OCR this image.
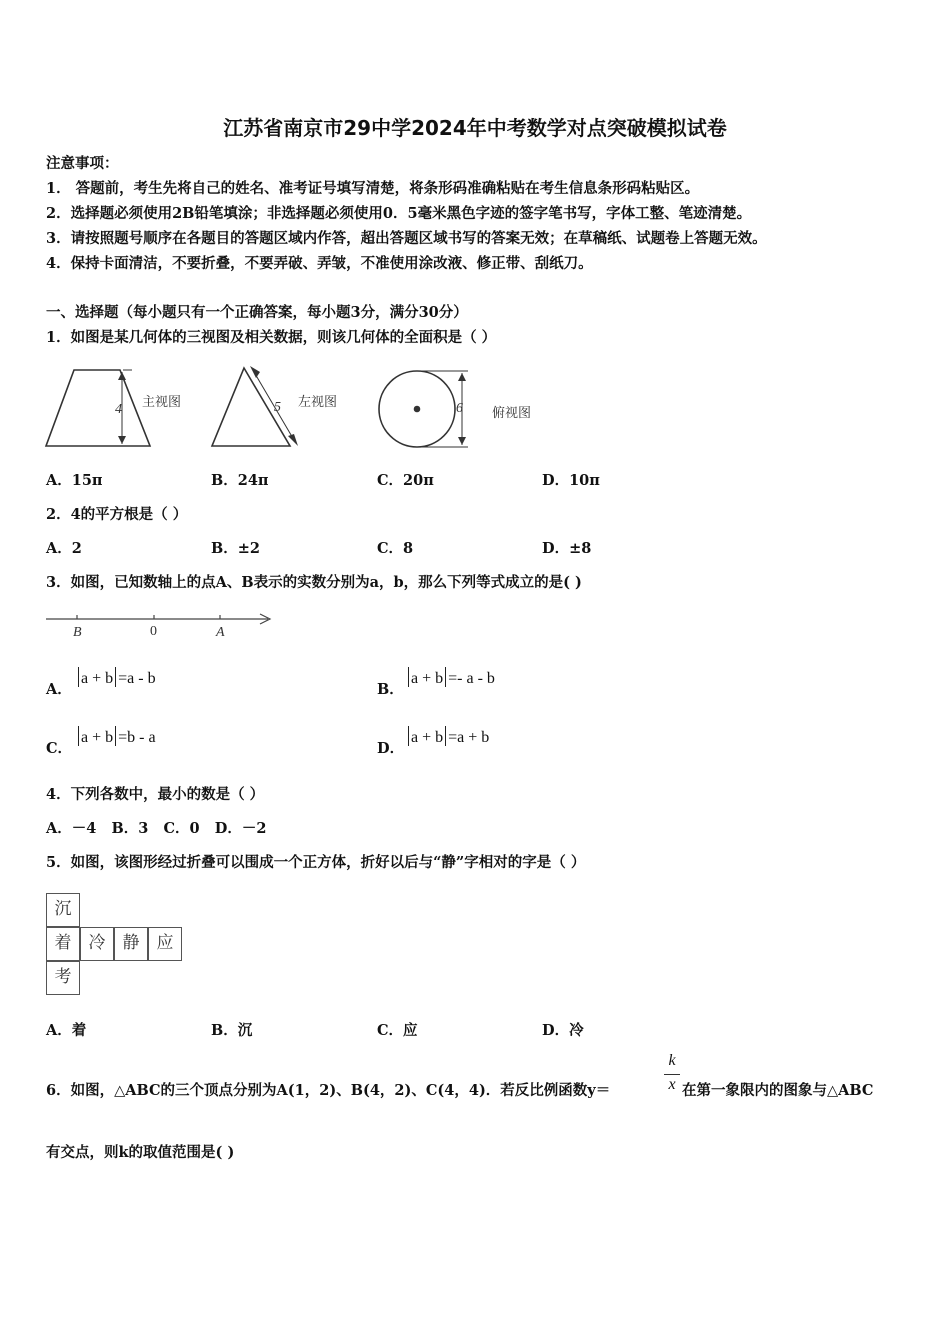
江苏省南京市29中学2024年中考数学对点突破模拟试卷
注意事项：
1． 答题前，考生先将自己的姓名、准考证号填写清楚，将条形码准确粘贴在考生信息条形码粘贴区。
2．选择题必须使用2B铅笔填涂；非选择题必须使用0．5毫米黑色字迹的签字笔书写，字体工整、笔迹清楚。
3．请按照题号顺序在各题目的答题区域内作答，超出答题区域书写的答案无效；在草稿纸、试题卷上答题无效。
4．保持卡面清洁，不要折叠，不要弄破、弄皱，不准使用涂改液、修正带、刮纸刀。
一、选择题（每小题只有一个正确答案，每小题3分，满分30分）
1．如图是某几何体的三视图及相关数据，则该几何体的全面积是（ ）
4
主视图	5 左视图	6 俯视图
A．15π	B．24π	C．20π	D．10π
2．4的平方根是（ ）
A．2	B．±2	C．8	D．±8
3．如图，已知数轴上的点A、B表示的实数分别为a，b，那么下列等式成立的是( )
B	0	A
A．
a + b =a - b
B．
a + b =- a - b
C．
a + b =b - a
D．
a + b =a + b
4．下列各数中，最小的数是（ ）
A．－4   B．3   C．0   D．－2
5．如图，该图形经过折叠可以围成一个正方体，折好以后与“静”字相对的字是（ ）
沉
着	冷	静	应
考
A．着	B．沉	C．应	D．冷
6．如图，△ABC的三个顶点分别为A(1，2)、B(4，2)、C(4，4)．若反比例函数y＝
k
x 在第一象限内的图象与△ABC
有交点，则k的取值范围是( )
